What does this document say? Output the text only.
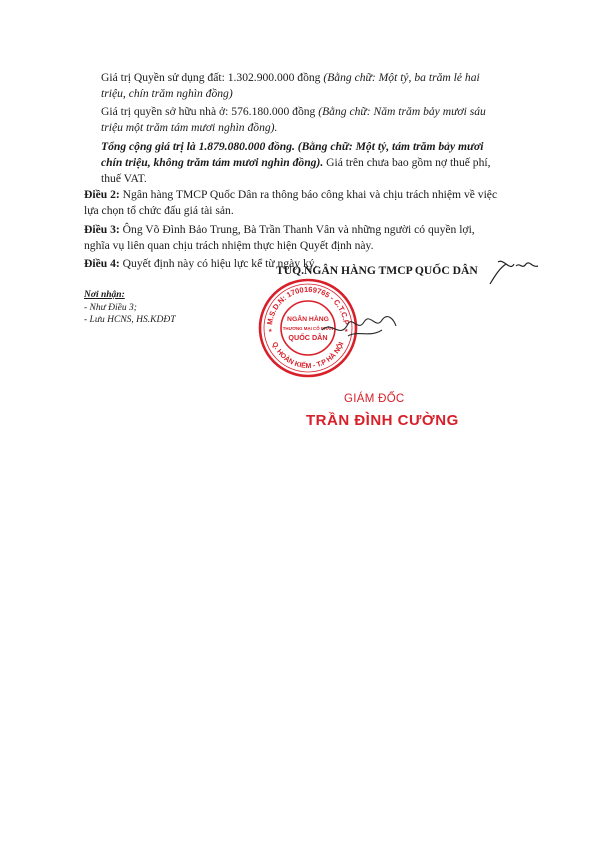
Giá trị Quyền sử dụng đất: 1.302.900.000 đồng (Bằng chữ: Một tỷ, ba trăm lẻ hai

triệu, chín trăm nghìn đồng)

Giá trị quyền sở hữu nhà ở: 576.180.000 đồng (Bằng chữ: Năm trăm bảy mươi sáu

triệu một trăm tám mươi nghìn đồng).

Tổng cộng giá trị là 1.879.080.000 đồng. (Bằng chữ: Một tỷ, tám trăm bảy mươi

chín triệu, không trăm tám mươi nghìn đồng). Giá trên chưa bao gồm nợ thuế phí,

thuế VAT.

Điều 2: Ngân hàng TMCP Quốc Dân ra thông báo công khai và chịu trách nhiệm về việc

lựa chọn tổ chức đấu giá tài sản.

Điều 3: Ông Võ Đình Bảo Trung, Bà Trần Thanh Vân và những người có quyền lợi,

nghĩa vụ liên quan chịu trách nhiệm thực hiện Quyết định này.

Điều 4: Quyết định này có hiệu lực kể từ ngày ký.

TUQ.NGÂN HÀNG TMCP QUỐC DÂN
Nơi nhận:
- Như Điều 3;
- Lưu HCNS, HS.KDĐT	M.S.D.N: 1700169765 - C.T.C.P
Q. HOÀN KIẾM - T.P HÀ NỘI
NGÂN HÀNG
THƯƠNG MẠI CỔ PHẦN
QUỐC DÂN
★	★
GIÁM ĐỐC
TRẦN ĐÌNH CƯỜNG
